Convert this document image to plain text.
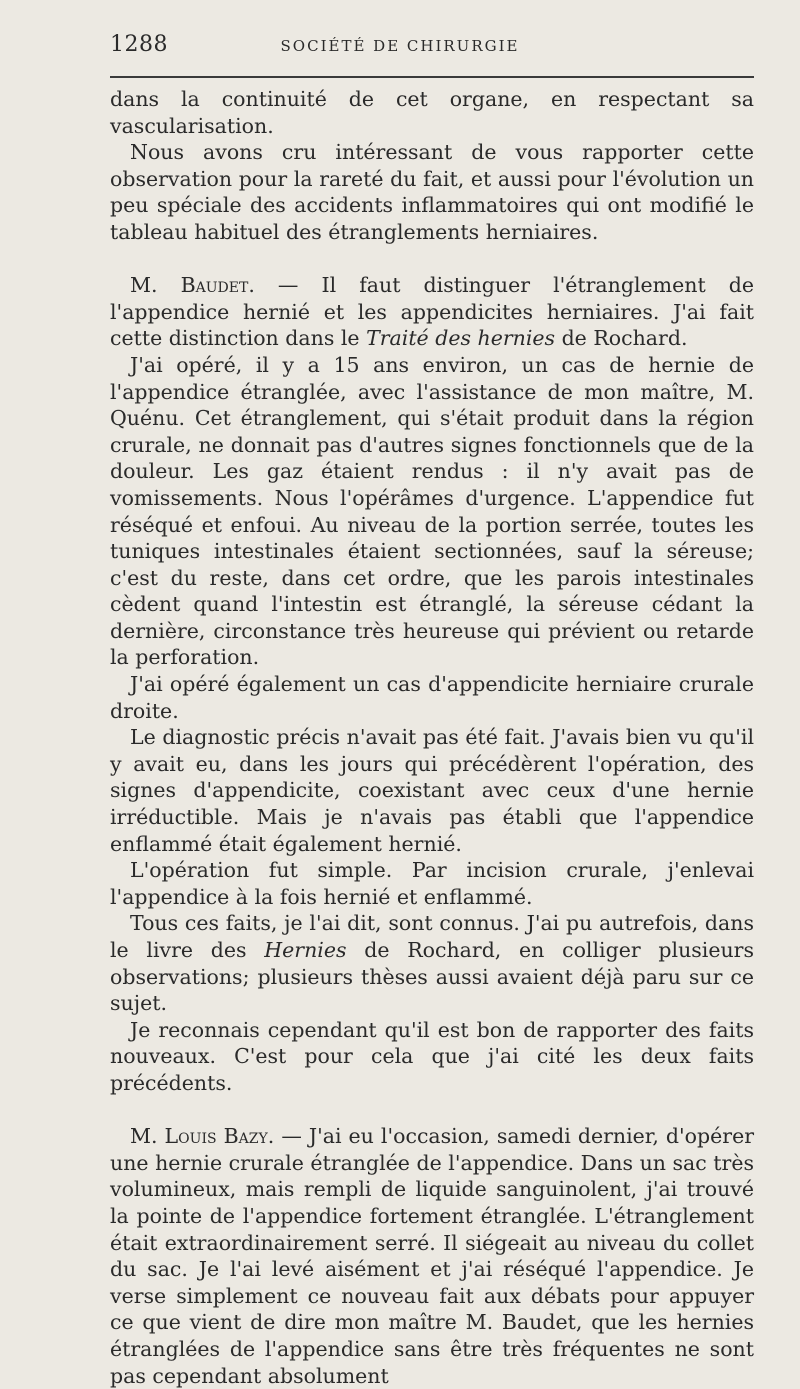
1288	SOCIÉTÉ DE CHIRURGIE

dans la continuité de cet organe, en respectant sa vascularisation.

Nous avons cru intéressant de vous rapporter cette observation pour la rareté du fait, et aussi pour l'évolution un peu spéciale des accidents inflammatoires qui ont modifié le tableau habituel des étranglements herniaires.

M. Baudet. — Il faut distinguer l'étranglement de l'appendice hernié et les appendicites herniaires. J'ai fait cette distinction dans le Traité des hernies de Rochard.

J'ai opéré, il y a 15 ans environ, un cas de hernie de l'appendice étranglée, avec l'assistance de mon maître, M. Quénu. Cet étranglement, qui s'était produit dans la région crurale, ne donnait pas d'autres signes fonctionnels que de la douleur. Les gaz étaient rendus : il n'y avait pas de vomissements. Nous l'opérâmes d'urgence. L'appendice fut réséqué et enfoui. Au niveau de la portion serrée, toutes les tuniques intestinales étaient sectionnées, sauf la séreuse; c'est du reste, dans cet ordre, que les parois intestinales cèdent quand l'intestin est étranglé, la séreuse cédant la dernière, circonstance très heureuse qui prévient ou retarde la perforation.

J'ai opéré également un cas d'appendicite herniaire crurale droite.

Le diagnostic précis n'avait pas été fait. J'avais bien vu qu'il y avait eu, dans les jours qui précédèrent l'opération, des signes d'appendicite, coexistant avec ceux d'une hernie irréductible. Mais je n'avais pas établi que l'appendice enflammé était également hernié.

L'opération fut simple. Par incision crurale, j'enlevai l'appendice à la fois hernié et enflammé.

Tous ces faits, je l'ai dit, sont connus. J'ai pu autrefois, dans le livre des Hernies de Rochard, en colliger plusieurs observations; plusieurs thèses aussi avaient déjà paru sur ce sujet.

Je reconnais cependant qu'il est bon de rapporter des faits nouveaux. C'est pour cela que j'ai cité les deux faits précédents.

M. Louis Bazy. — J'ai eu l'occasion, samedi dernier, d'opérer une hernie crurale étranglée de l'appendice. Dans un sac très volumineux, mais rempli de liquide sanguinolent, j'ai trouvé la pointe de l'appendice fortement étranglée. L'étranglement était extraordinairement serré. Il siégeait au niveau du collet du sac. Je l'ai levé aisément et j'ai réséqué l'appendice. Je verse simplement ce nouveau fait aux débats pour appuyer ce que vient de dire mon maître M. Baudet, que les hernies étranglées de l'appendice sans être très fréquentes ne sont pas cependant absolument
